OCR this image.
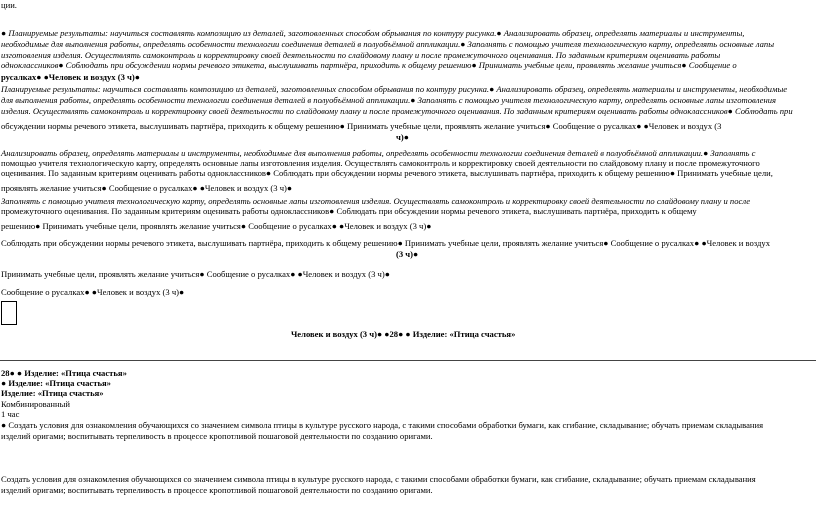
ции.
● Планируемые результаты: научиться составлять композицию из деталей, заготовленных способом обрывания по контуру рисунка.● Анализировать образец, определять материалы и инструменты,
необходимые для выполнения работы, определять особенности технологии соединения деталей в полуобъёмной аппликации.● Заполнять с помощью учителя технологическую карту, определять основные лапы
изготовления изделия. Осуществлять самоконтроль и корректировку своей деятельности по слайдовому плану и после промежуточного оценивания. По заданным критериям оценивать работы
одноклассников● Соблюдать при обсуждении нормы речевого этикета, выслушивать партнёра, приходить к общему решению● Принимать учебные цели, проявлять желание учиться● Сообщение о
русалках● ●Человек и воздух (3 ч)●
Планируемые результаты: научиться составлять композицию из деталей, заготовленных способом обрывания по контуру рисунка.● Анализировать образец, определять материалы и инструменты, необходимые
для выполнения работы, определять особенности технологии соединения деталей в полуобъёмной аппликации.● Заполнять с помощью учителя технологическую карту, определять основные лапы изготовления
изделия. Осуществлять самоконтроль и корректировку своей деятельности по слайдовому плану и после промежуточного оценивания. По заданным критериям оценивать работы одноклассников● Соблюдать при
обсуждении нормы речевого этикета, выслушивать партнёра, приходить к общему решению● Принимать учебные цели, проявлять желание учиться● Сообщение о русалках● ●Человек и воздух (3
ч)●
Анализировать образец, определять материалы и инструменты, необходимые для выполнения работы, определять особенности технологии соединения деталей в полуобъёмной аппликации.● Заполнять с
помощью учителя технологическую карту, определять основные лапы изготовления изделия. Осуществлять самоконтроль и корректировку своей деятельности по слайдовому плану и после промежуточного
оценивания. По заданным критериям оценивать работы одноклассников● Соблюдать при обсуждении нормы речевого этикета, выслушивать партнёра, приходить к общему решению● Принимать учебные цели,
проявлять желание учиться● Сообщение о русалках● ●Человек и воздух (3 ч)●
Заполнять с помощью учителя технологическую карту, определять основные лапы изготовления изделия. Осуществлять самоконтроль и корректировку своей деятельности по слайдовому плану и после
промежуточного оценивания. По заданным критериям оценивать работы одноклассников● Соблюдать при обсуждении нормы речевого этикета, выслушивать партнёра, приходить к общему
решению● Принимать учебные цели, проявлять желание учиться● Сообщение о русалках● ●Человек и воздух (3 ч)●
Соблюдать при обсуждении нормы речевого этикета, выслушивать партнёра, приходить к общему решению● Принимать учебные цели, проявлять желание учиться● Сообщение о русалках● ●Человек и воздух
(3 ч)●
Принимать учебные цели, проявлять желание учиться● Сообщение о русалках● ●Человек и воздух (3 ч)●
Сообщение о русалках● ●Человек и воздух (3 ч)●
Человек и воздух (3 ч)● ●28● ● Изделие: «Птица счастья»
28● ● Изделие: «Птица счастья»
● Изделие: «Птица счастья»
Изделие: «Птица счастья»
Комбинированный
1 час
● Создать условия для ознакомления обучающихся со значением символа птицы в культуре русского народа, с такими способами обработки бумаги, как сгибание, складывание; обучать приемам складывания
изделий оригами; воспитывать терпеливость в процессе кропотливой пошаговой деятельности по созданию оригами.
Создать условия для ознакомления обучающихся со значением символа птицы в культуре русского народа, с такими способами обработки бумаги, как сгибание, складывание; обучать приемам складывания
изделий оригами; воспитывать терпеливость в процессе кропотливой пошаговой деятельности по созданию оригами.
